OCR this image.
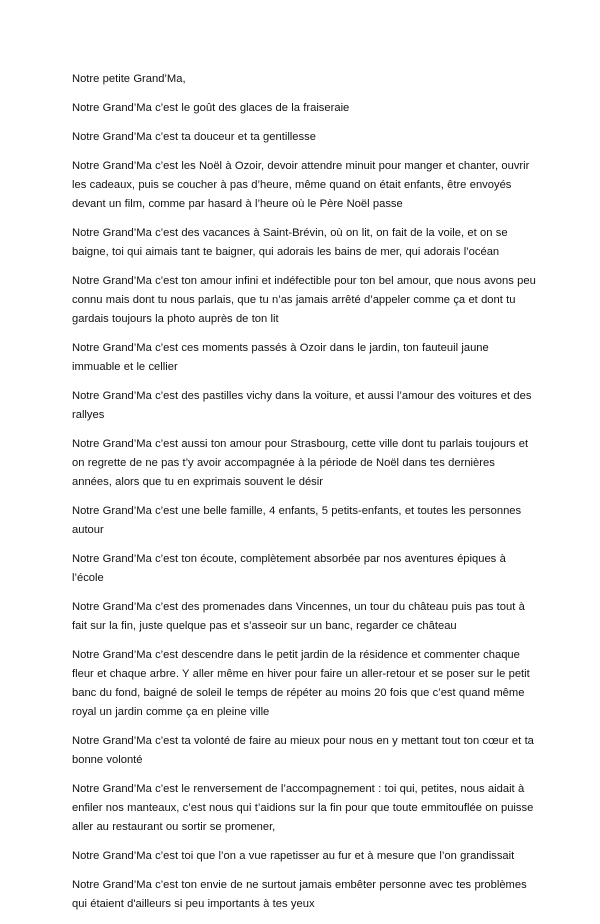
Notre petite Grand’Ma,

Notre Grand’Ma c’est le goût des glaces de la fraiseraie

Notre Grand’Ma c’est ta douceur et ta gentillesse

Notre Grand’Ma c’est les Noël à Ozoir, devoir attendre minuit pour manger et chanter, ouvrir les cadeaux, puis se coucher à pas d’heure, même quand on était enfants, être envoyés devant un film, comme par hasard à l’heure où le Père Noël passe

Notre Grand’Ma c’est des vacances à Saint-Brévin, où on lit, on fait de la voile, et on se baigne, toi qui aimais tant te baigner, qui adorais les bains de mer, qui adorais l’océan

Notre Grand’Ma c’est ton amour infini et indéfectible pour ton bel amour, que nous avons peu connu mais dont tu nous parlais, que tu n’as jamais arrêté d’appeler comme ça et dont tu gardais toujours la photo auprès de ton lit

Notre Grand’Ma c’est ces moments passés à Ozoir dans le jardin, ton fauteuil jaune immuable et le cellier

Notre Grand’Ma c’est des pastilles vichy dans la voiture, et aussi l’amour des voitures et des rallyes

Notre Grand’Ma c’est aussi ton amour pour Strasbourg, cette ville dont tu parlais toujours et on regrette de ne pas t’y avoir accompagnée à la période de Noël dans tes dernières années, alors que tu en exprimais souvent le désir

Notre Grand’Ma c’est une belle famille, 4 enfants, 5 petits-enfants, et toutes les personnes autour

Notre Grand’Ma c’est ton écoute, complètement absorbée par nos aventures épiques à l’école

Notre Grand’Ma c’est des promenades dans Vincennes, un tour du château puis pas tout à fait sur la fin, juste quelque pas et s’asseoir sur un banc, regarder ce château

Notre Grand’Ma c’est descendre dans le petit jardin de la résidence et commenter chaque fleur et chaque arbre. Y aller même en hiver pour faire un aller-retour et se poser sur le petit banc du fond, baigné de soleil le temps de répéter au moins 20 fois que c’est quand même royal un jardin comme ça en pleine ville

Notre Grand’Ma c’est ta volonté de faire au mieux pour nous en y mettant tout ton cœur et ta bonne volonté

Notre Grand’Ma c’est le renversement de l’accompagnement : toi qui, petites, nous aidait à enfiler nos manteaux, c’est nous qui t’aidions sur la fin pour que toute emmitouflée on puisse aller au restaurant ou sortir se promener,

Notre Grand’Ma c’est toi que l’on a vue rapetisser au fur et à mesure que l’on grandissait

Notre Grand’Ma c’est ton envie de ne surtout jamais embêter personne avec tes problèmes qui étaient d'ailleurs si peu importants à tes yeux
